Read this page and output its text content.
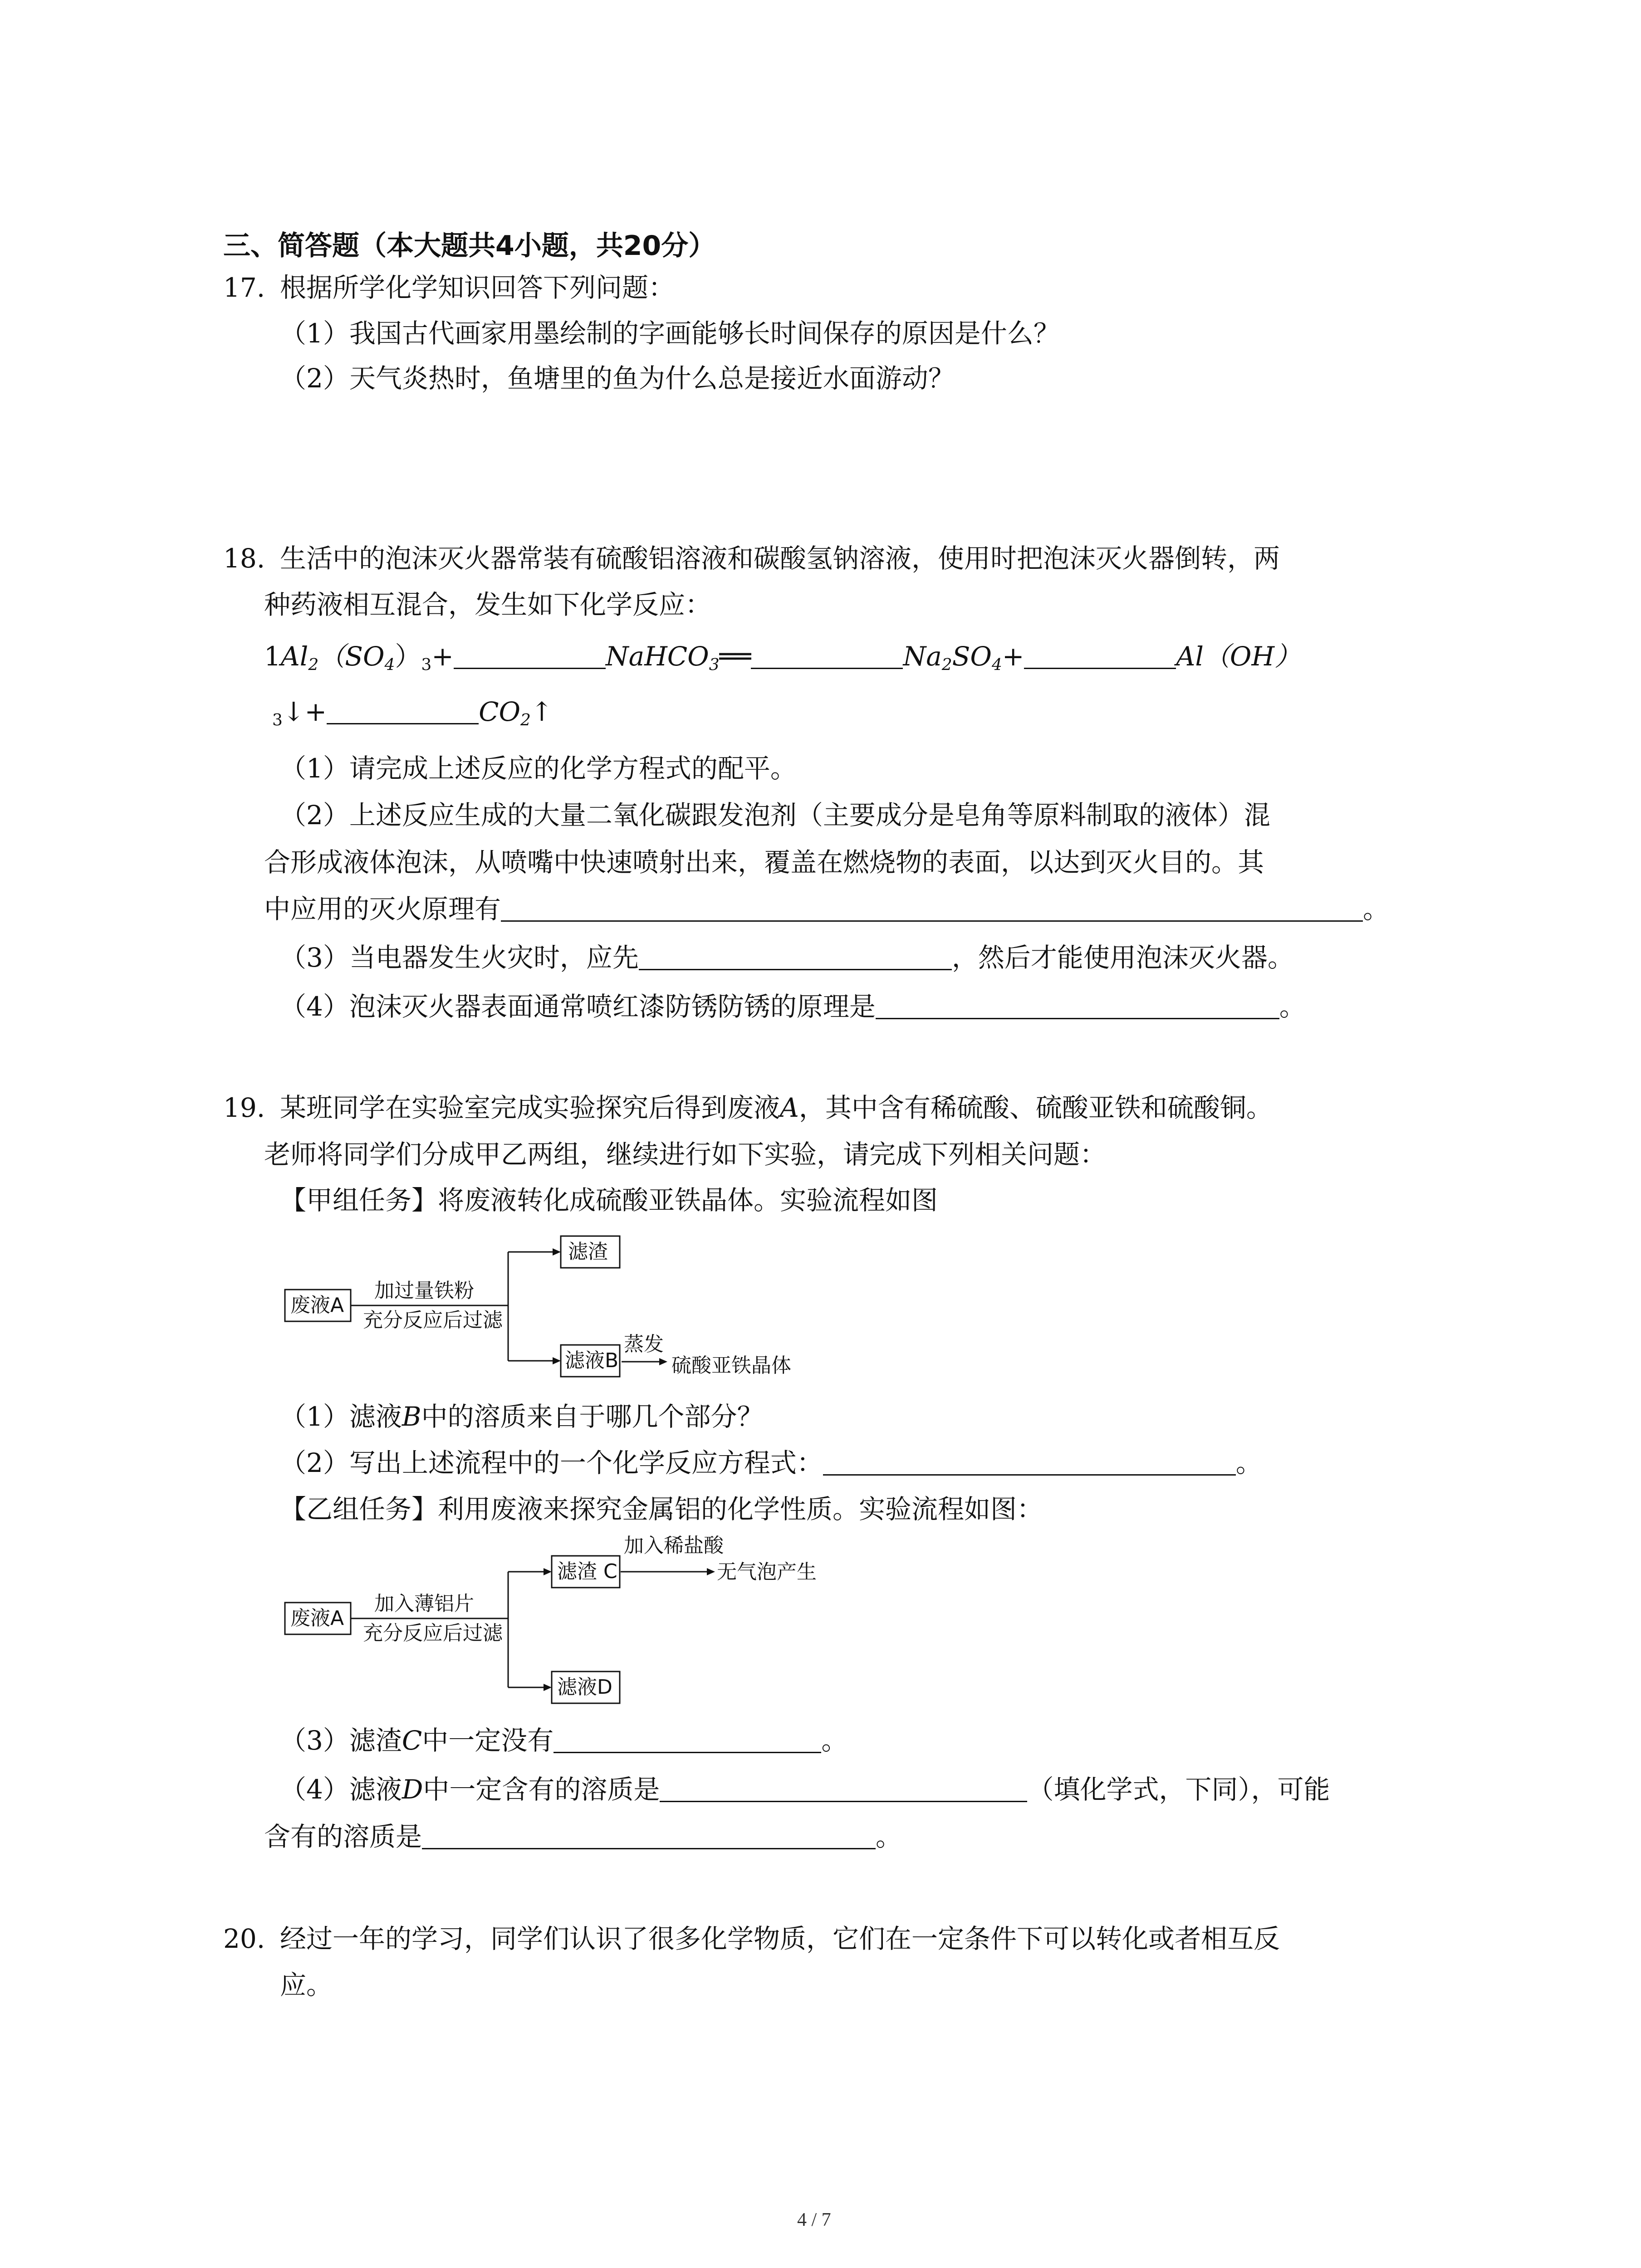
三、简答题（本大题共4小题，共20分）
17. 根据所学化学知识回答下列问题：
（1）我国古代画家用墨绘制的字画能够长时间保存的原因是什么？
（2）天气炎热时，鱼塘里的鱼为什么总是接近水面游动？
18. 生活中的泡沫灭火器常装有硫酸铝溶液和碳酸氢钠溶液，使用时把泡沫灭火器倒转，两
种药液相互混合，发生如下化学反应：
$1Al_2(SO_4)_3+$	NaHCO$_3$══	$Na_2SO_4+$	Al（OH）
$_3$↓+	$CO_2↑$
（1）请完成上述反应的化学方程式的配平。
（2）上述反应生成的大量二氧化碳跟发泡剂（主要成分是皂角等原料制取的液体）混
合形成液体泡沫，从喷嘴中快速喷射出来，覆盖在燃烧物的表面，以达到灭火目的。其
中应用的灭火原理有	。
（3）当电器发生火灾时，应先	，然后才能使用泡沫灭火器。
（4）泡沫灭火器表面通常喷红漆防锈防锈的原理是	。
19. 某班同学在实验室完成实验探究后得到废液A，其中含有稀硫酸、硫酸亚铁和硫酸铜。
老师将同学们分成甲乙两组，继续进行如下实验，请完成下列相关问题：
【甲组任务】将废液转化成硫酸亚铁晶体。实验流程如图
废液A
加过量铁粉
充分反应后过滤
滤渣
滤液B
蒸发
硫酸亚铁晶体
（1）滤液B中的溶质来自于哪几个部分？
（2）写出上述流程中的一个化学反应方程式：	。
【乙组任务】利用废液来探究金属铝的化学性质。实验流程如图：
废液A
加入薄铝片
充分反应后过滤
滤渣 C
加入稀盐酸
无气泡产生
滤液D
（3）滤渣C中一定没有	。
（4）滤液D中一定含有的溶质是	（填化学式，下同），可能
含有的溶质是	。
20. 经过一年的学习，同学们认识了很多化学物质，它们在一定条件下可以转化或者相互反
应。
4 / 7
